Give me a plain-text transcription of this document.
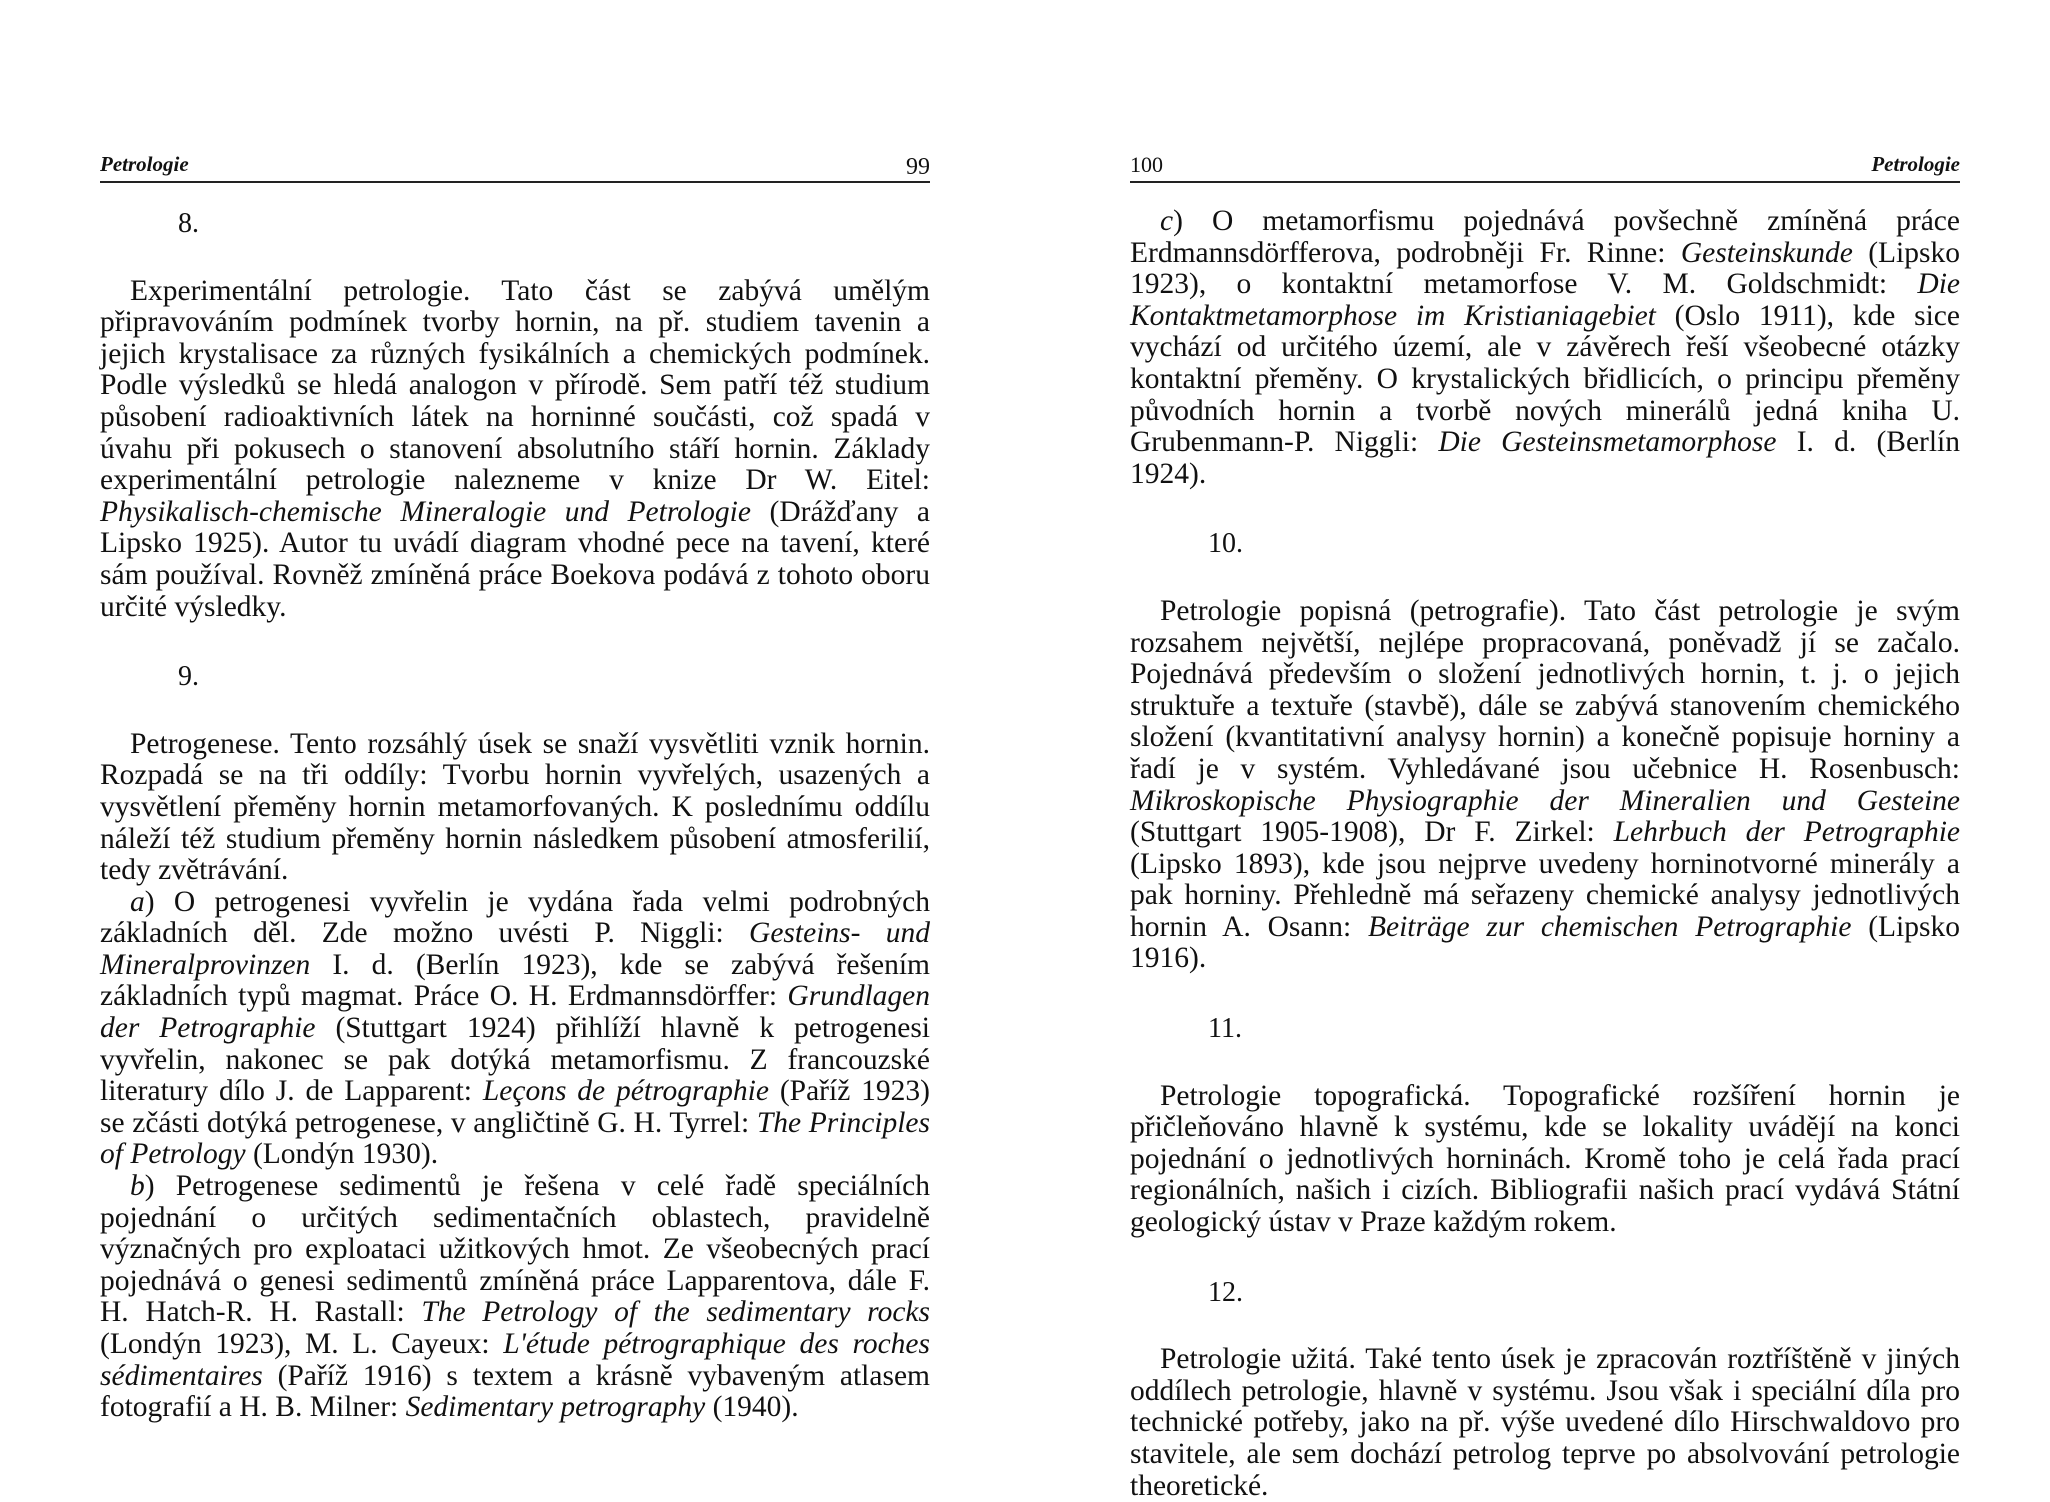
Petrologie	99
8.

Experimentální petrologie. Tato část se zabývá umělým připravováním podmínek tvorby hornin, na př. studiem tavenin a jejich krystalisace za různých fysikálních a chemických podmínek. Podle výsledků se hledá analogon v přírodě. Sem patří též studium působení radioaktivních látek na horninné součásti, což spadá v úvahu při pokusech o stanovení absolutního stáří hornin. Základy experimentální petrologie nalezneme v knize Dr W. Eitel: Physikalisch-chemische Mineralogie und Petrologie (Drážďany a Lipsko 1925). Autor tu uvádí diagram vhodné pece na tavení, které sám používal. Rovněž zmíněná práce Boekova podává z tohoto oboru určité výsledky.

9.

Petrogenese. Tento rozsáhlý úsek se snaží vysvětliti vznik hornin. Rozpadá se na tři oddíly: Tvorbu hornin vyvřelých, usazených a vysvětlení přeměny hornin metamorfovaných. K poslednímu oddílu náleží též studium přeměny hornin následkem působení atmosferilií, tedy zvětrávání.

a) O petrogenesi vyvřelin je vydána řada velmi podrobných základních děl. Zde možno uvésti P. Niggli: Gesteins- und Mineralprovinzen I. d. (Berlín 1923), kde se zabývá řešením základních typů magmat. Práce O. H. Erdmannsdörffer: Grundlagen der Petrographie (Stuttgart 1924) přihlíží hlavně k petrogenesi vyvřelin, nakonec se pak dotýká metamorfismu. Z francouzské literatury dílo J. de Lapparent: Leçons de pétrographie (Paříž 1923) se zčásti dotýká petrogenese, v angličtině G. H. Tyrrel: The Principles of Petrology (Londýn 1930).

b) Petrogenese sedimentů je řešena v celé řadě speciálních pojednání o určitých sedimentačních oblastech, pravidelně význačných pro exploataci užitkových hmot. Ze všeobecných prací pojednává o genesi sedimentů zmíněná práce Lapparentova, dále F. H. Hatch-R. H. Rastall: The Petrology of the sedimentary rocks (Londýn 1923), M. L. Cayeux: L'étude pétrographique des roches sédimentaires (Paříž 1916) s textem a krásně vybaveným atlasem fotografií a H. B. Milner: Sedimentary petrography (1940).

100	Petrologie

c) O metamorfismu pojednává povšechně zmíněná práce Erdmannsdörfferova, podrobněji Fr. Rinne: Gesteinskunde (Lipsko 1923), o kontaktní metamorfose V. M. Goldschmidt: Die Kontaktmetamorphose im Kristianiagebiet (Oslo 1911), kde sice vychází od určitého území, ale v závěrech řeší všeobecné otázky kontaktní přeměny. O krystalických břidlicích, o principu přeměny původních hornin a tvorbě nových minerálů jedná kniha U. Grubenmann-P. Niggli: Die Gesteinsmetamorphose I. d. (Berlín 1924).

10.

Petrologie popisná (petrografie). Tato část petrologie je svým rozsahem největší, nejlépe propracovaná, poněvadž jí se začalo. Pojednává především o složení jednotlivých hornin, t. j. o jejich struktuře a textuře (stavbě), dále se zabývá stanovením chemického složení (kvantitativní analysy hornin) a konečně popisuje horniny a řadí je v systém. Vyhledávané jsou učebnice H. Rosenbusch: Mikroskopische Physiographie der Mineralien und Gesteine (Stuttgart 1905-1908), Dr F. Zirkel: Lehrbuch der Petrographie (Lipsko 1893), kde jsou nejprve uvedeny horninotvorné minerály a pak horniny. Přehledně má seřazeny chemické analysy jednotlivých hornin A. Osann: Beiträge zur chemischen Petrographie (Lipsko 1916).

11.

Petrologie topografická. Topografické rozšíření hornin je přičleňováno hlavně k systému, kde se lokality uvádějí na konci pojednání o jednotlivých horninách. Kromě toho je celá řada prací regionálních, našich i cizích. Bibliografii našich prací vydává Státní geologický ústav v Praze každým rokem.

12.

Petrologie užitá. Také tento úsek je zpracován roztříštěně v jiných oddílech petrologie, hlavně v systému. Jsou však i speciální díla pro technické potřeby, jako na př. výše uvedené dílo Hirschwaldovo pro stavitele, ale sem dochází petrolog teprve po absolvování petrologie theoretické.
